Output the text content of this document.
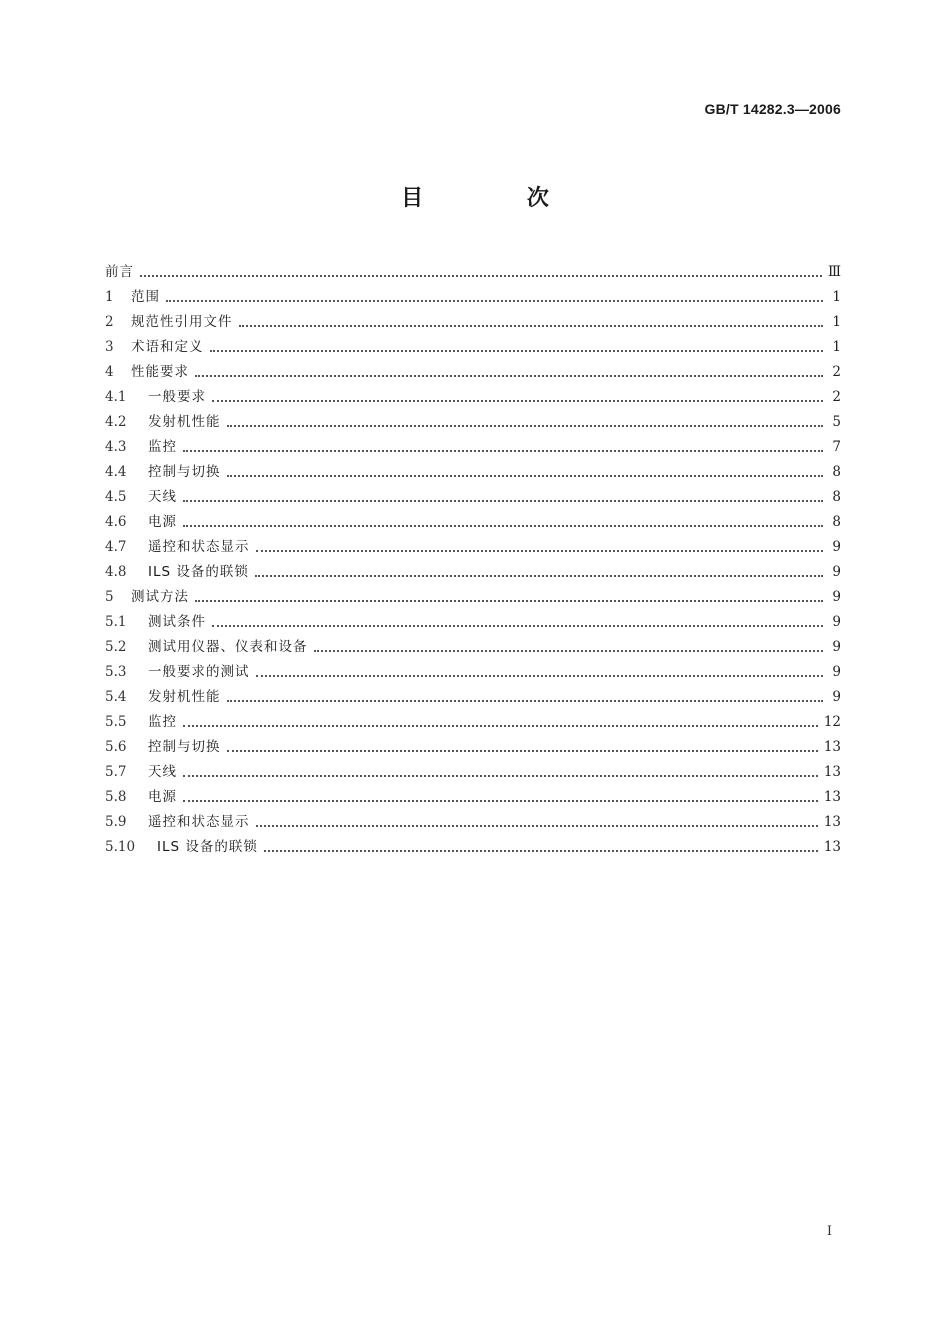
GB/T 14282.3—2006
目 次
前言	Ⅲ
1	范围	1
2	规范性引用文件	1
3	术语和定义	1
4	性能要求	2
4.1	一般要求	2
4.2	发射机性能	5
4.3	监控	7
4.4	控制与切换	8
4.5	天线	8
4.6	电源	8
4.7	遥控和状态显示	9
4.8	ILS 设备的联锁	9
5	测试方法	9
5.1	测试条件	9
5.2	测试用仪器、仪表和设备	9
5.3	一般要求的测试	9
5.4	发射机性能	9
5.5	监控	12
5.6	控制与切换	13
5.7	天线	13
5.8	电源	13
5.9	遥控和状态显示	13
5.10	ILS 设备的联锁	13
I
